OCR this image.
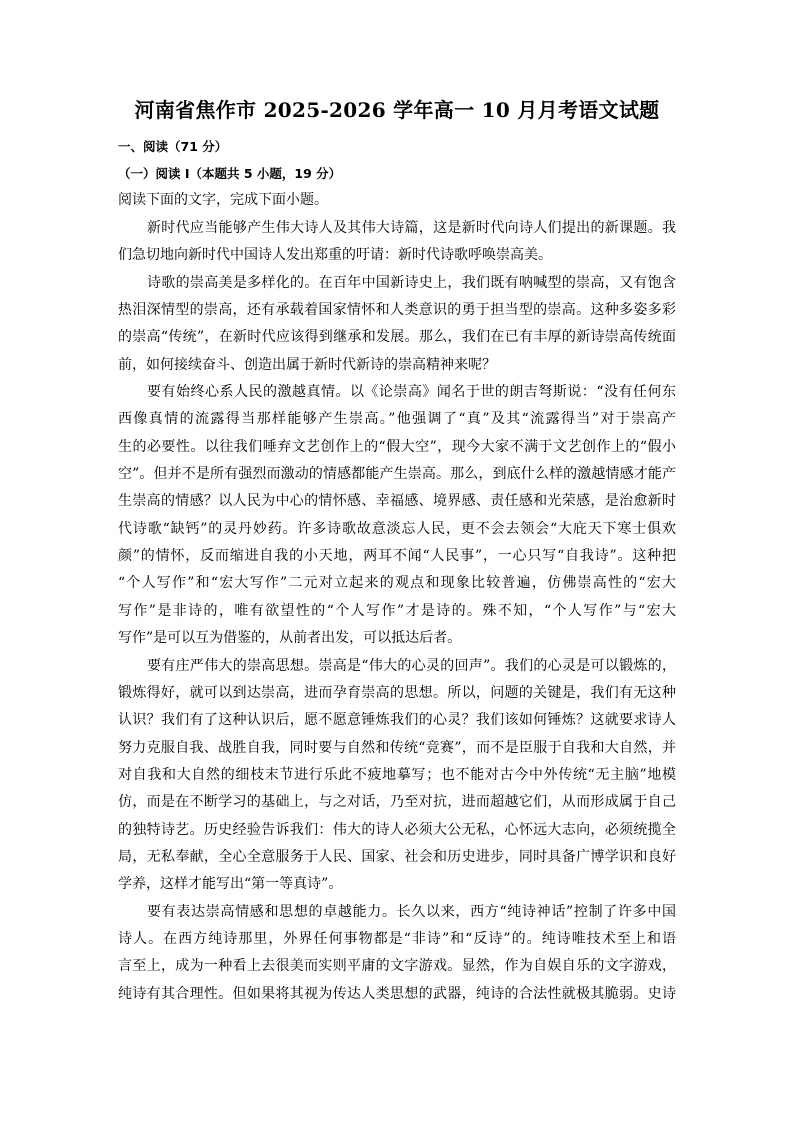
河南省焦作市 2025-2026 学年高一 10 月月考语文试题
一、阅读（71 分）
（一）阅读 I（本题共 5 小题，19 分）
阅读下面的文字，完成下面小题。
新时代应当能够产生伟大诗人及其伟大诗篇，这是新时代向诗人们提出的新课题。我
们急切地向新时代中国诗人发出郑重的吁请：新时代诗歌呼唤崇高美。
诗歌的崇高美是多样化的。在百年中国新诗史上，我们既有呐喊型的崇高，又有饱含
热泪深情型的崇高，还有承载着国家情怀和人类意识的勇于担当型的崇高。这种多姿多彩
的崇高“传统”，在新时代应该得到继承和发展。那么，我们在已有丰厚的新诗崇高传统面
前，如何接续奋斗、创造出属于新时代新诗的崇高精神来呢？
要有始终心系人民的激越真情。以《论崇高》闻名于世的朗吉弩斯说：“没有任何东
西像真情的流露得当那样能够产生崇高。”他强调了“真”及其“流露得当”对于崇高产
生的必要性。以往我们唾弃文艺创作上的“假大空”，现今大家不满于文艺创作上的“假小
空”。但并不是所有强烈而激动的情感都能产生崇高。那么，到底什么样的激越情感才能产
生崇高的情感？以人民为中心的情怀感、幸福感、境界感、责任感和光荣感，是治愈新时
代诗歌“缺钙”的灵丹妙药。许多诗歌故意淡忘人民，更不会去领会“大庇天下寒士俱欢
颜”的情怀，反而缩进自我的小天地，两耳不闻“人民事”，一心只写“自我诗”。这种把
“个人写作”和“宏大写作”二元对立起来的观点和现象比较普遍，仿佛崇高性的“宏大
写作”是非诗的，唯有欲望性的“个人写作”才是诗的。殊不知，“个人写作”与“宏大
写作”是可以互为借鉴的，从前者出发，可以抵达后者。
要有庄严伟大的崇高思想。崇高是“伟大的心灵的回声”。我们的心灵是可以锻炼的，
锻炼得好，就可以到达崇高，进而孕育崇高的思想。所以，问题的关键是，我们有无这种
认识？我们有了这种认识后，愿不愿意锤炼我们的心灵？我们该如何锤炼？这就要求诗人
努力克服自我、战胜自我，同时要与自然和传统“竞赛”，而不是臣服于自我和大自然，并
对自我和大自然的细枝末节进行乐此不疲地摹写；也不能对古今中外传统“无主脑”地模
仿，而是在不断学习的基础上，与之对话，乃至对抗，进而超越它们，从而形成属于自己
的独特诗艺。历史经验告诉我们：伟大的诗人必须大公无私，心怀远大志向，必须统揽全
局，无私奉献，全心全意服务于人民、国家、社会和历史进步，同时具备广博学识和良好
学养，这样才能写出“第一等真诗”。
要有表达崇高情感和思想的卓越能力。长久以来，西方“纯诗神话”控制了许多中国
诗人。在西方纯诗那里，外界任何事物都是“非诗”和“反诗”的。纯诗唯技术至上和语
言至上，成为一种看上去很美而实则平庸的文字游戏。显然，作为自娱自乐的文字游戏，
纯诗有其合理性。但如果将其视为传达人类思想的武器，纯诗的合法性就极其脆弱。史诗
